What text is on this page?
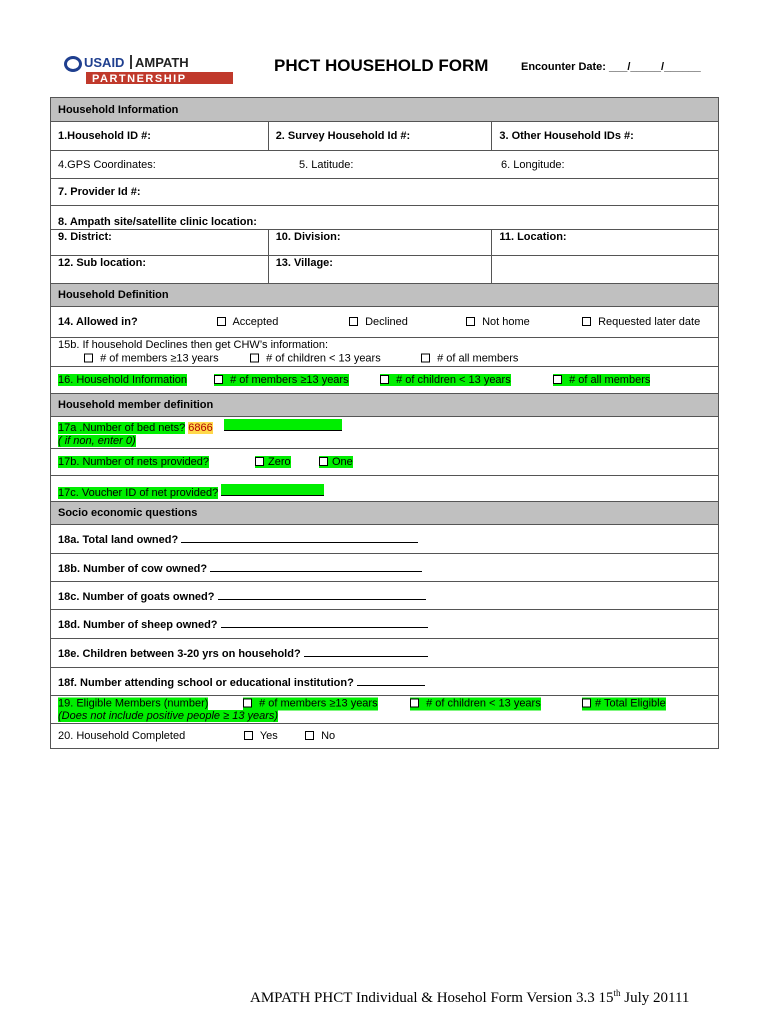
USAID AMPATH
PARTNERSHIP
PHCT HOUSEHOLD FORM	Encounter Date: ___/_____/______
Household Information		
1.Household ID #:	2. Survey Household Id #:	3. Other Household IDs #:

4.GPS Coordinates: 5. Latitude: 6. Longitude:		

7. Provider Id #:		
8. Ampath site/satellite clinic location:		
9. District:	10. Division:	11. Location:
12. Sub location:	13. Village:	
Household Definition		

14. Allowed in? Accepted Declined Not home Requested later date		

15b. If household Declines then get CHW’s information:
# of members ≥13 years # of children < 13 years # of all members		

16. Household Information # of members ≥13 years # of children < 13 years # of all members		

Household member definition		

17a .Number of bed nets? 6866
( if non, enter 0)		

17b. Number of nets provided? Zero One		

17c. Voucher ID of net provided?		
Socio economic questions		
18a. Total land owned?		
18b. Number of cow owned?		
18c. Number of goats owned?		
18d. Number of sheep owned?		
18e. Children between 3-20 yrs on household?		
18f. Number attending school or educational institution?		

19. Eligible Members (number) # of members ≥13 years # of children < 13 years # Total Eligible
(Does not include positive people ≥ 13 years)		

20. Household Completed Yes No		
AMPATH PHCT Individual & Hosehol Form Version 3.3 15th July 20111
